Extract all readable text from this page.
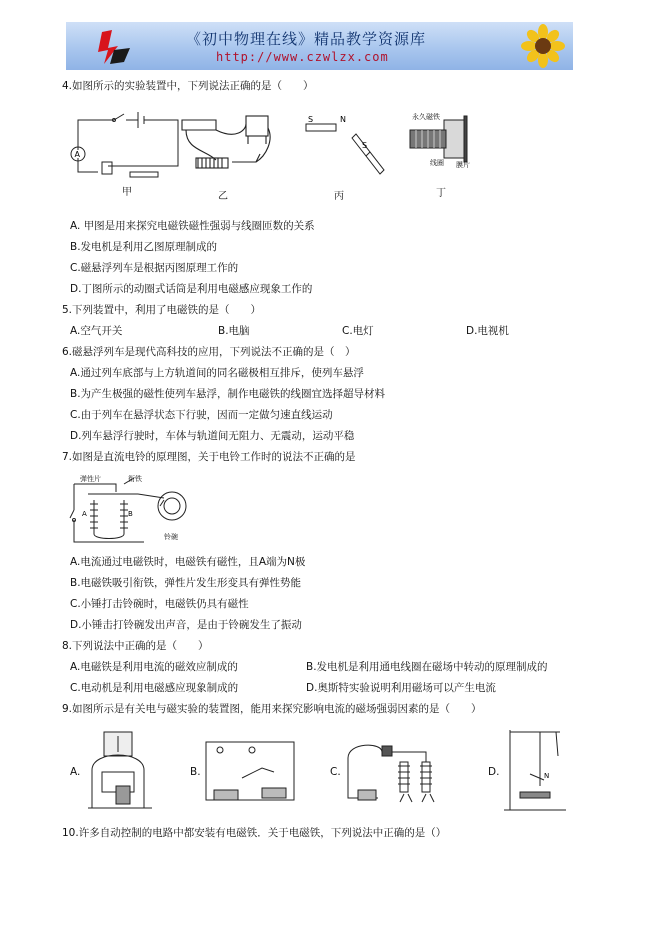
《初中物理在线》精品教学资源库
http://www.czwlzx.com
4.如图所示的实验装置中，下列说法正确的是（　　）
A
甲	乙
S	N
S
丙
永久磁铁
线圈 膜片
丁
A. 甲图是用来探究电磁铁磁性强弱与线圈匝数的关系
B.发电机是利用乙图原理制成的
C.磁悬浮列车是根据丙图原理工作的
D.丁图所示的动圈式话筒是利用电磁感应现象工作的
5.下列装置中，利用了电磁铁的是（　　）
A.空气开关	B.电脑	C.电灯	D.电视机
6.磁悬浮列车是现代高科技的应用，下列说法不正确的是（　）
A.通过列车底部与上方轨道间的同名磁极相互排斥，使列车悬浮
B.为产生极强的磁性使列车悬浮，制作电磁铁的线圈宜选择超导材料
C.由于列车在悬浮状态下行驶，因而一定做匀速直线运动
D.列车悬浮行驶时，车体与轨道间无阻力、无震动，运动平稳
7.如图是直流电铃的原理图，关于电铃工作时的说法不正确的是
A	B
弹性片	衔铁
铃碗
A.电流通过电磁铁时，电磁铁有磁性，且A端为N极
B.电磁铁吸引衔铁，弹性片发生形变具有弹性势能
C.小锤打击铃碗时，电磁铁仍具有磁性
D.小锤击打铃碗发出声音，是由于铃碗发生了振动
8.下列说法中正确的是（　　）
A.电磁铁是利用电流的磁效应制成的	B.发电机是利用通电线圈在磁场中转动的原理制成的
C.电动机是利用电磁感应现象制成的	D.奥斯特实验说明利用磁场可以产生电流
9.如图所示是有关电与磁实验的装置图，能用来探究影响电流的磁场强弱因素的是（　　）
A.	B.	C.	D.	N
10.许多自动控制的电路中都安装有电磁铁．关于电磁铁，下列说法中正确的是（）
